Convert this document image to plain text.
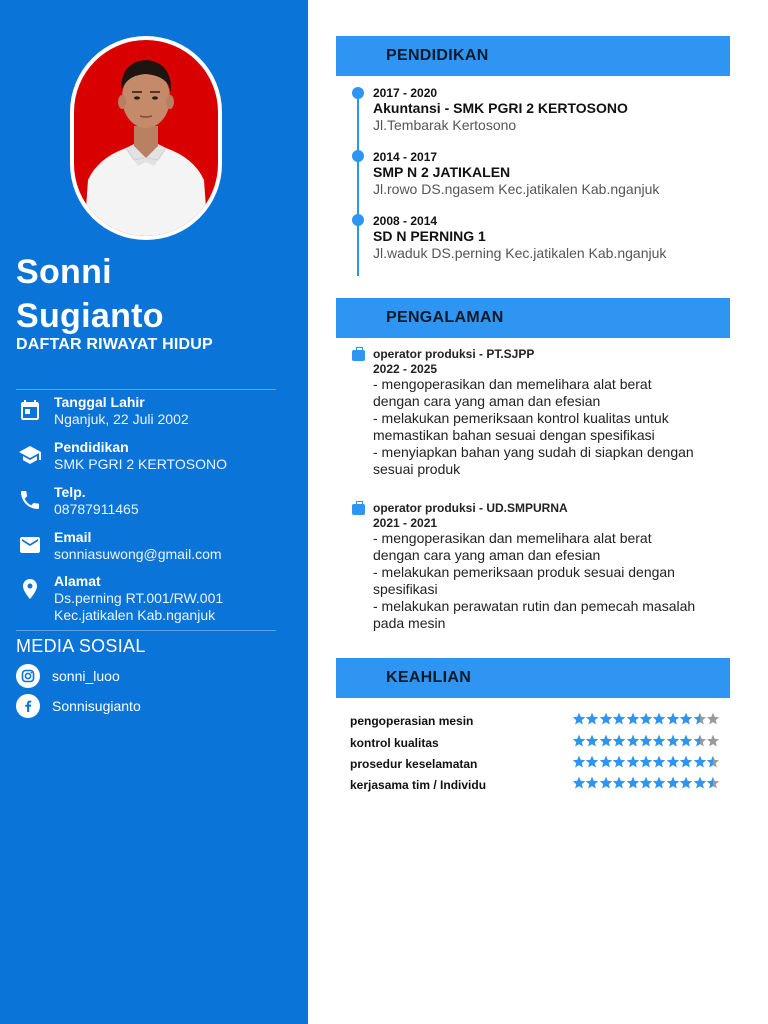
Sonni
Sugianto
DAFTAR RIWAYAT HIDUP
Tanggal Lahir
Nganjuk, 22 Juli 2002
Pendidikan
SMK PGRI 2 KERTOSONO
Telp.
08787911465
Email
sonniasuwong@gmail.com
Alamat
Ds.perning RT.001/RW.001
Kec.jatikalen Kab.nganjuk
MEDIA SOSIAL
sonni_luoo
Sonnisugianto
PENDIDIKAN
2017 - 2020
Akuntansi - SMK PGRI 2 KERTOSONO
Jl.Tembarak Kertosono
2014 - 2017
SMP N 2 JATIKALEN
Jl.rowo DS.ngasem Kec.jatikalen Kab.nganjuk
2008 - 2014
SD N PERNING 1
Jl.waduk DS.perning Kec.jatikalen Kab.nganjuk
PENGALAMAN
operator produksi - PT.SJPP
2022 - 2025
- mengoperasikan dan memelihara alat berat
dengan cara yang aman dan efesian
- melakukan pemeriksaan kontrol kualitas untuk
memastikan bahan sesuai dengan spesifikasi
- menyiapkan bahan yang sudah di siapkan dengan
sesuai produk
operator produksi - UD.SMPURNA
2021 - 2021
- mengoperasikan dan memelihara alat berat
dengan cara yang aman dan efesian
- melakukan pemeriksaan produk sesuai dengan
spesifikasi
- melakukan perawatan rutin dan pemecah masalah
pada mesin
KEAHLIAN
pengoperasian mesin
kontrol kualitas
prosedur keselamatan
kerjasama tim / Individu
